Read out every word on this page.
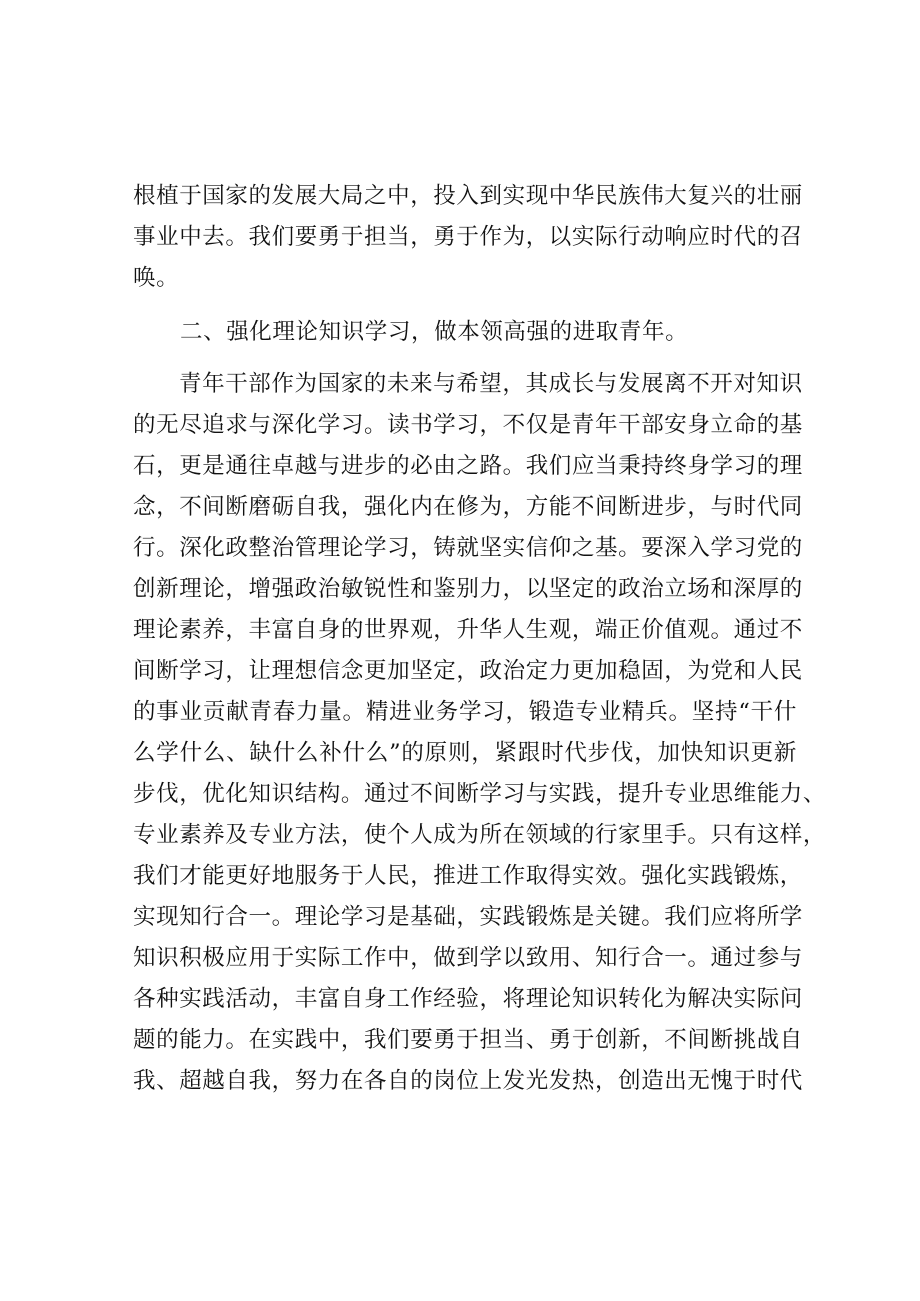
根植于国家的发展大局之中，投入到实现中华民族伟大复兴的壮丽
事业中去。我们要勇于担当，勇于作为，以实际行动响应时代的召
唤。
二、强化理论知识学习，做本领高强的进取青年。
青年干部作为国家的未来与希望，其成长与发展离不开对知识
的无尽追求与深化学习。读书学习，不仅是青年干部安身立命的基
石，更是通往卓越与进步的必由之路。我们应当秉持终身学习的理
念，不间断磨砺自我，强化内在修为，方能不间断进步，与时代同
行。深化政整治管理论学习，铸就坚实信仰之基。要深入学习党的
创新理论，增强政治敏锐性和鉴别力，以坚定的政治立场和深厚的
理论素养，丰富自身的世界观，升华人生观，端正价值观。通过不
间断学习，让理想信念更加坚定，政治定力更加稳固，为党和人民
的事业贡献青春力量。精进业务学习，锻造专业精兵。坚持“干什
么学什么、缺什么补什么”的原则，紧跟时代步伐，加快知识更新
步伐，优化知识结构。通过不间断学习与实践，提升专业思维能力、
专业素养及专业方法，使个人成为所在领域的行家里手。只有这样，
我们才能更好地服务于人民，推进工作取得实效。强化实践锻炼，
实现知行合一。理论学习是基础，实践锻炼是关键。我们应将所学
知识积极应用于实际工作中，做到学以致用、知行合一。通过参与
各种实践活动，丰富自身工作经验，将理论知识转化为解决实际问
题的能力。在实践中，我们要勇于担当、勇于创新，不间断挑战自
我、超越自我，努力在各自的岗位上发光发热，创造出无愧于时代
